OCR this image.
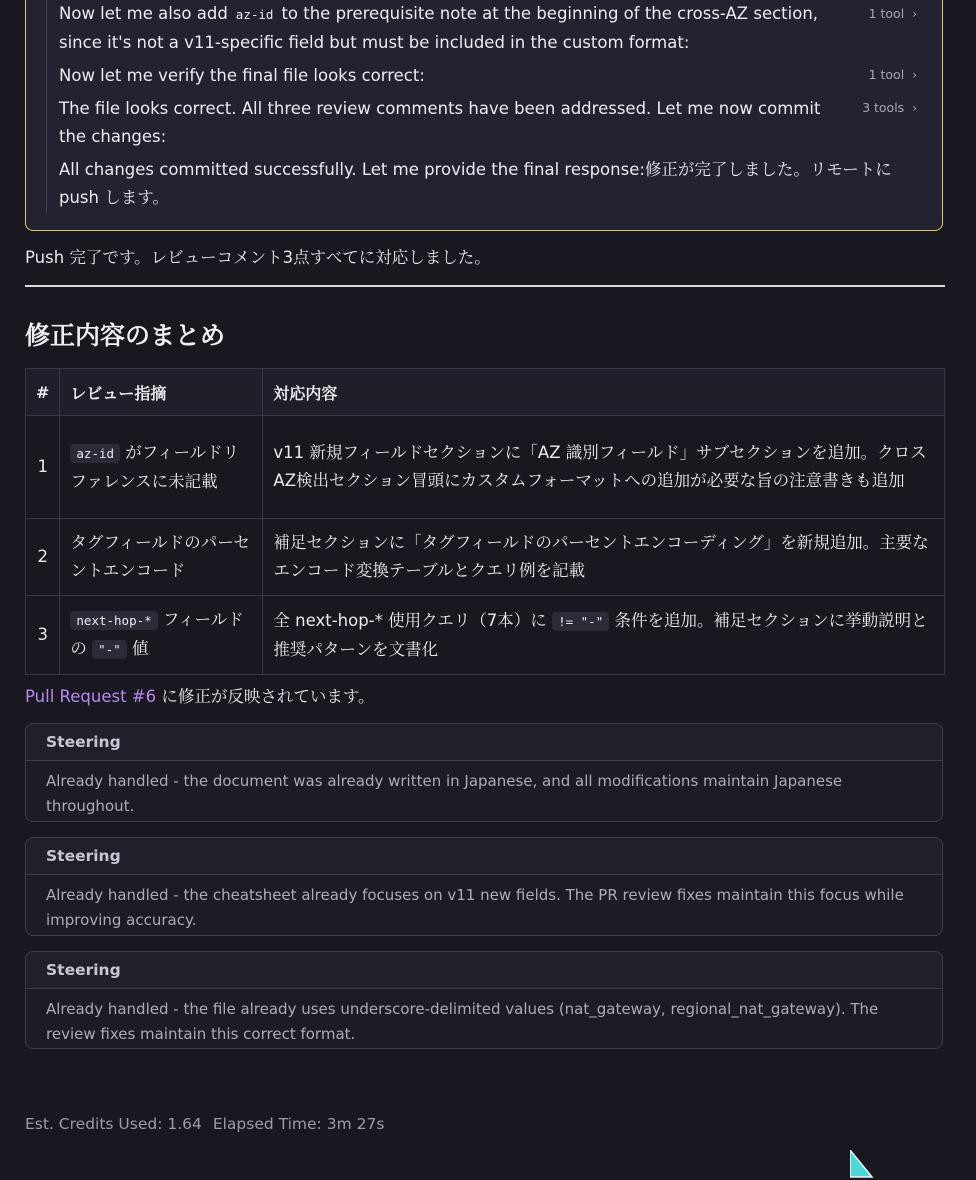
Now let me also add az-id to the prerequisite note at the beginning of the cross-AZ section, since it's not a v11-specific field but must be included in the custom format:
1 tool ›
Now let me verify the final file looks correct:	1 tool ›
The file looks correct. All three review comments have been addressed. Let me now commit the changes:
3 tools ›
All changes committed successfully. Let me provide the final response:修正が完了しました。リモートに push します。
Push 完了です。レビューコメント3点すべてに対応しました。
修正内容のまとめ
#	レビュー指摘	対応内容
1	az-id がフィールドリファレンスに未記載	v11 新規フィールドセクションに「AZ 識別フィールド」サブセクションを追加。クロスAZ検出セクション冒頭にカスタムフォーマットへの追加が必要な旨の注意書きも追加
2	タグフィールドのパーセントエンコード	補足セクションに「タグフィールドのパーセントエンコーディング」を新規追加。主要なエンコード変換テーブルとクエリ例を記載
3	next-hop-* フィールドの "-" 値	全 next-hop-* 使用クエリ（7本）に != "-" 条件を追加。補足セクションに挙動説明と推奨パターンを文書化
Pull Request #6 に修正が反映されています。
Steering
Already handled - the document was already written in Japanese, and all modifications maintain Japanese throughout.
Steering
Already handled - the cheatsheet already focuses on v11 new fields. The PR review fixes maintain this focus while improving accuracy.
Steering
Already handled - the file already uses underscore-delimited values (nat_gateway, regional_nat_gateway). The review fixes maintain this correct format.
Est. Credits Used: 1.64 Elapsed Time: 3m 27s
